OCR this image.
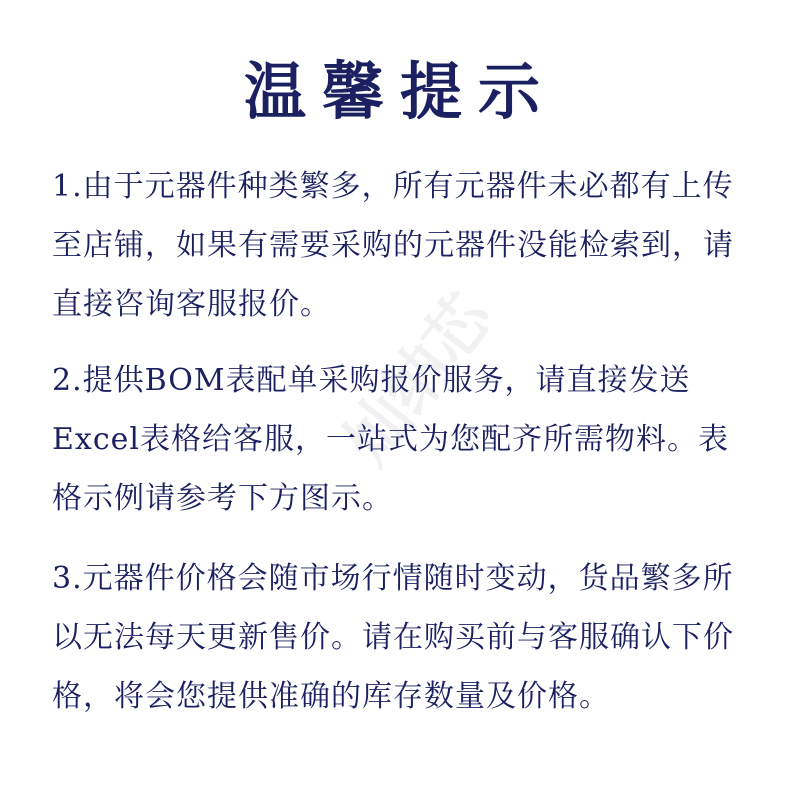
温馨提示
灿纳芯
1.由于元器件种类繁多，所有元器件未必都有上传
至店铺，如果有需要采购的元器件没能检索到，请
直接咨询客服报价。
2.提供BOM表配单采购报价服务，请直接发送
Excel表格给客服，一站式为您配齐所需物料。表
格示例请参考下方图示。
3.元器件价格会随市场行情随时变动，货品繁多所
以无法每天更新售价。请在购买前与客服确认下价
格，将会您提供准确的库存数量及价格。
